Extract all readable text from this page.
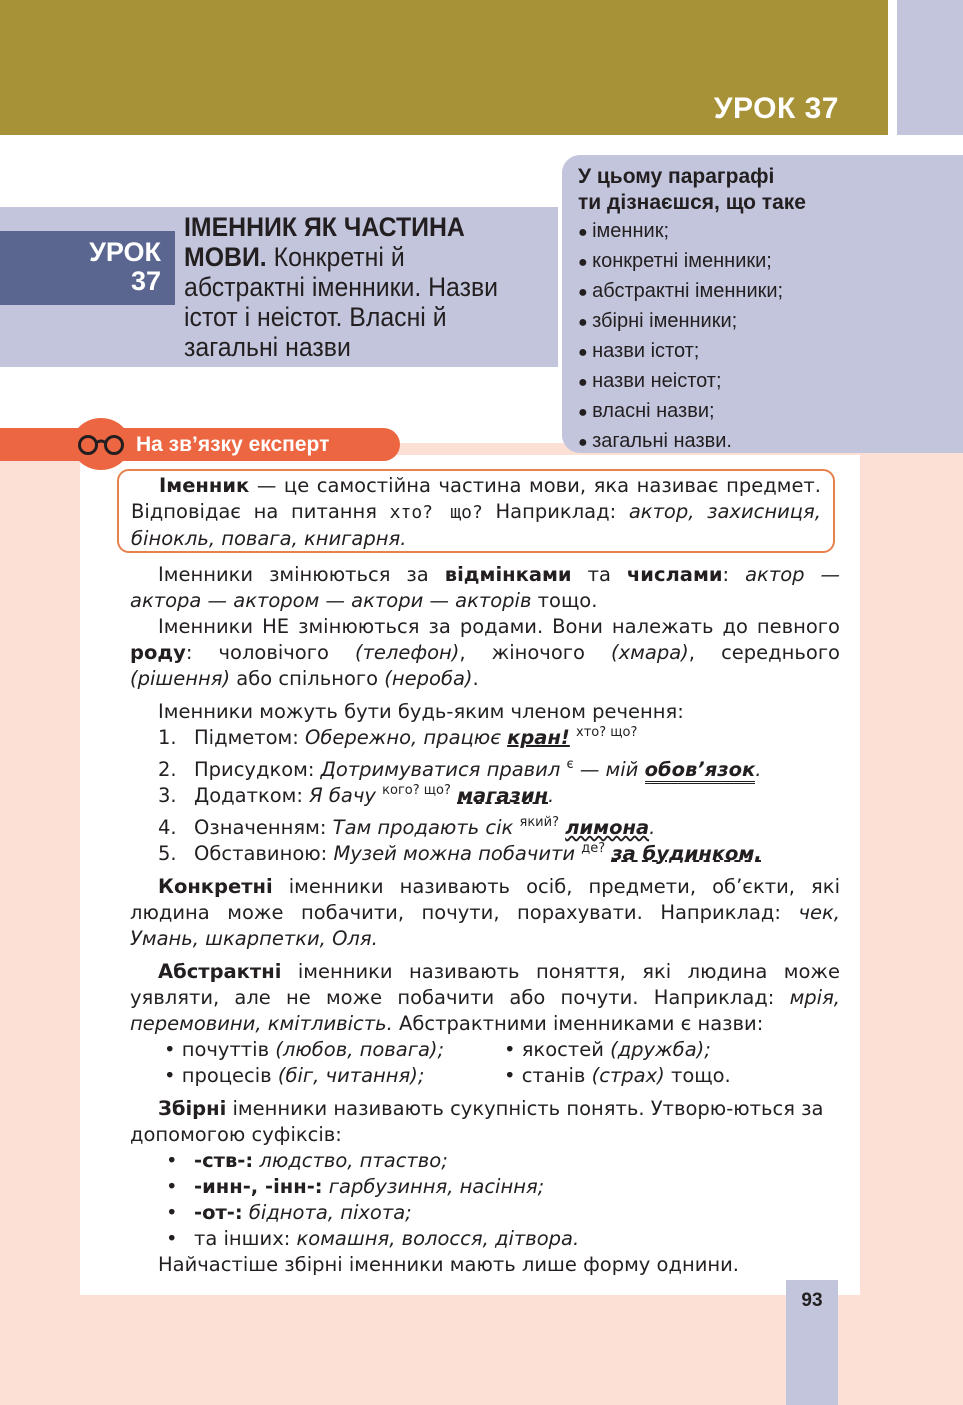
УРОК 37
93
УРОК
37
ІМЕННИК ЯК ЧАСТИНА МОВИ. Конкретні й абстрактні іменники. Назви істот і неістот. Власні й загальні назви
У цьому параграфі
ти дізнаєшся, що таке
● іменник;
● конкретні іменники;
● абстрактні іменники;
● збірні іменники;
● назви істот;
● назви неістот;
● власні назви;
● загальні назви.
На зв’язку експерт
Іменник — це самостійна частина мови, яка називає предмет. Відповідає на питання хто? що? Наприклад: актор, захисниця, бінокль, повага, книгарня.
Іменники змінюються за відмінками та числами: актор — актора — актором — актори — акторів тощо.
Іменники НЕ змінюються за родами. Вони належать до певного роду: чоловічого (телефон), жіночого (хмара), середнього (рішення) або спільного (нероба).
Іменники можуть бути будь-яким членом речення:
1. Підметом: Обережно, працює кран! $^{хто? що?}$
2. Присудком: Дотримуватися правил $^є$ — мій обов’язок.
3. Додатком: Я бачу $^{кого? що?}$ магазин.
4. Означенням: Там продають сік $^{який?}$ лимона.
5. Обставиною: Музей можна побачити $^{де?}$ за будинком.
Конкретні іменники називають осіб, предмети, об’єкти, які людина може побачити, почути, порахувати. Наприклад: чек, Умань, шкарпетки, Оля.
Абстрактні іменники називають поняття, які людина може уявляти, але не може побачити або почути. Наприклад: мрія, перемовини, кмітливість. Абстрактними іменниками є назви:
• почуттів (любов, повага);	• якостей (дружба);
• процесів (біг, читання);	• станів (страх) тощо.
Збірні іменники називають сукупність понять. Утворю-ються за допомогою суфіксів:
• -ств-: людство, птаство;
• -инн-, -інн-: гарбузиння, насіння;
• -от-: біднота, піхота;
• та інших: комашня, волосся, дітвора.
Найчастіше збірні іменники мають лише форму однини.
